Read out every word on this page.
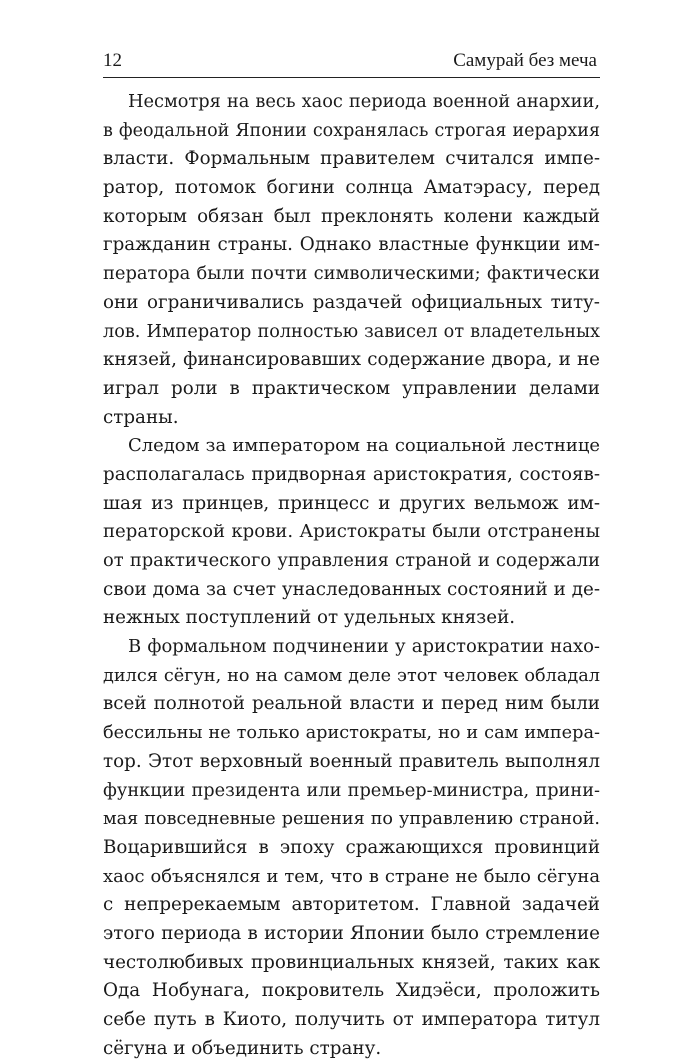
12	Самурай без меча
Несмотря на весь хаос периода военной анархии,
в феодальной Японии сохранялась строгая иерархия
власти. Формальным правителем считался импе-
ратор, потомок богини солнца Аматэрасу, перед
которым обязан был преклонять колени каждый
гражданин страны. Однако властные функции им-
ператора были почти символическими; фактически
они ограничивались раздачей официальных титу-
лов. Император полностью зависел от владетельных
князей, финансировавших содержание двора, и не
играл роли в практическом управлении делами
страны.
Следом за императором на социальной лестнице
располагалась придворная аристократия, состояв-
шая из принцев, принцесс и других вельмож им-
ператорской крови. Аристократы были отстранены
от практического управления страной и содержали
свои дома за счет унаследованных состояний и де-
нежных поступлений от удельных князей.
В формальном подчинении у аристократии нахо-
дился сёгун, но на самом деле этот человек обладал
всей полнотой реальной власти и перед ним были
бессильны не только аристократы, но и сам импера-
тор. Этот верховный военный правитель выполнял
функции президента или премьер-министра, прини-
мая повседневные решения по управлению страной.
Воцарившийся в эпоху сражающихся провинций
хаос объяснялся и тем, что в стране не было сёгуна
с непререкаемым авторитетом. Главной задачей
этого периода в истории Японии было стремление
честолюбивых провинциальных князей, таких как
Ода Нобунага, покровитель Хидэёси, проложить
себе путь в Киото, получить от императора титул
сёгуна и объединить страну.
